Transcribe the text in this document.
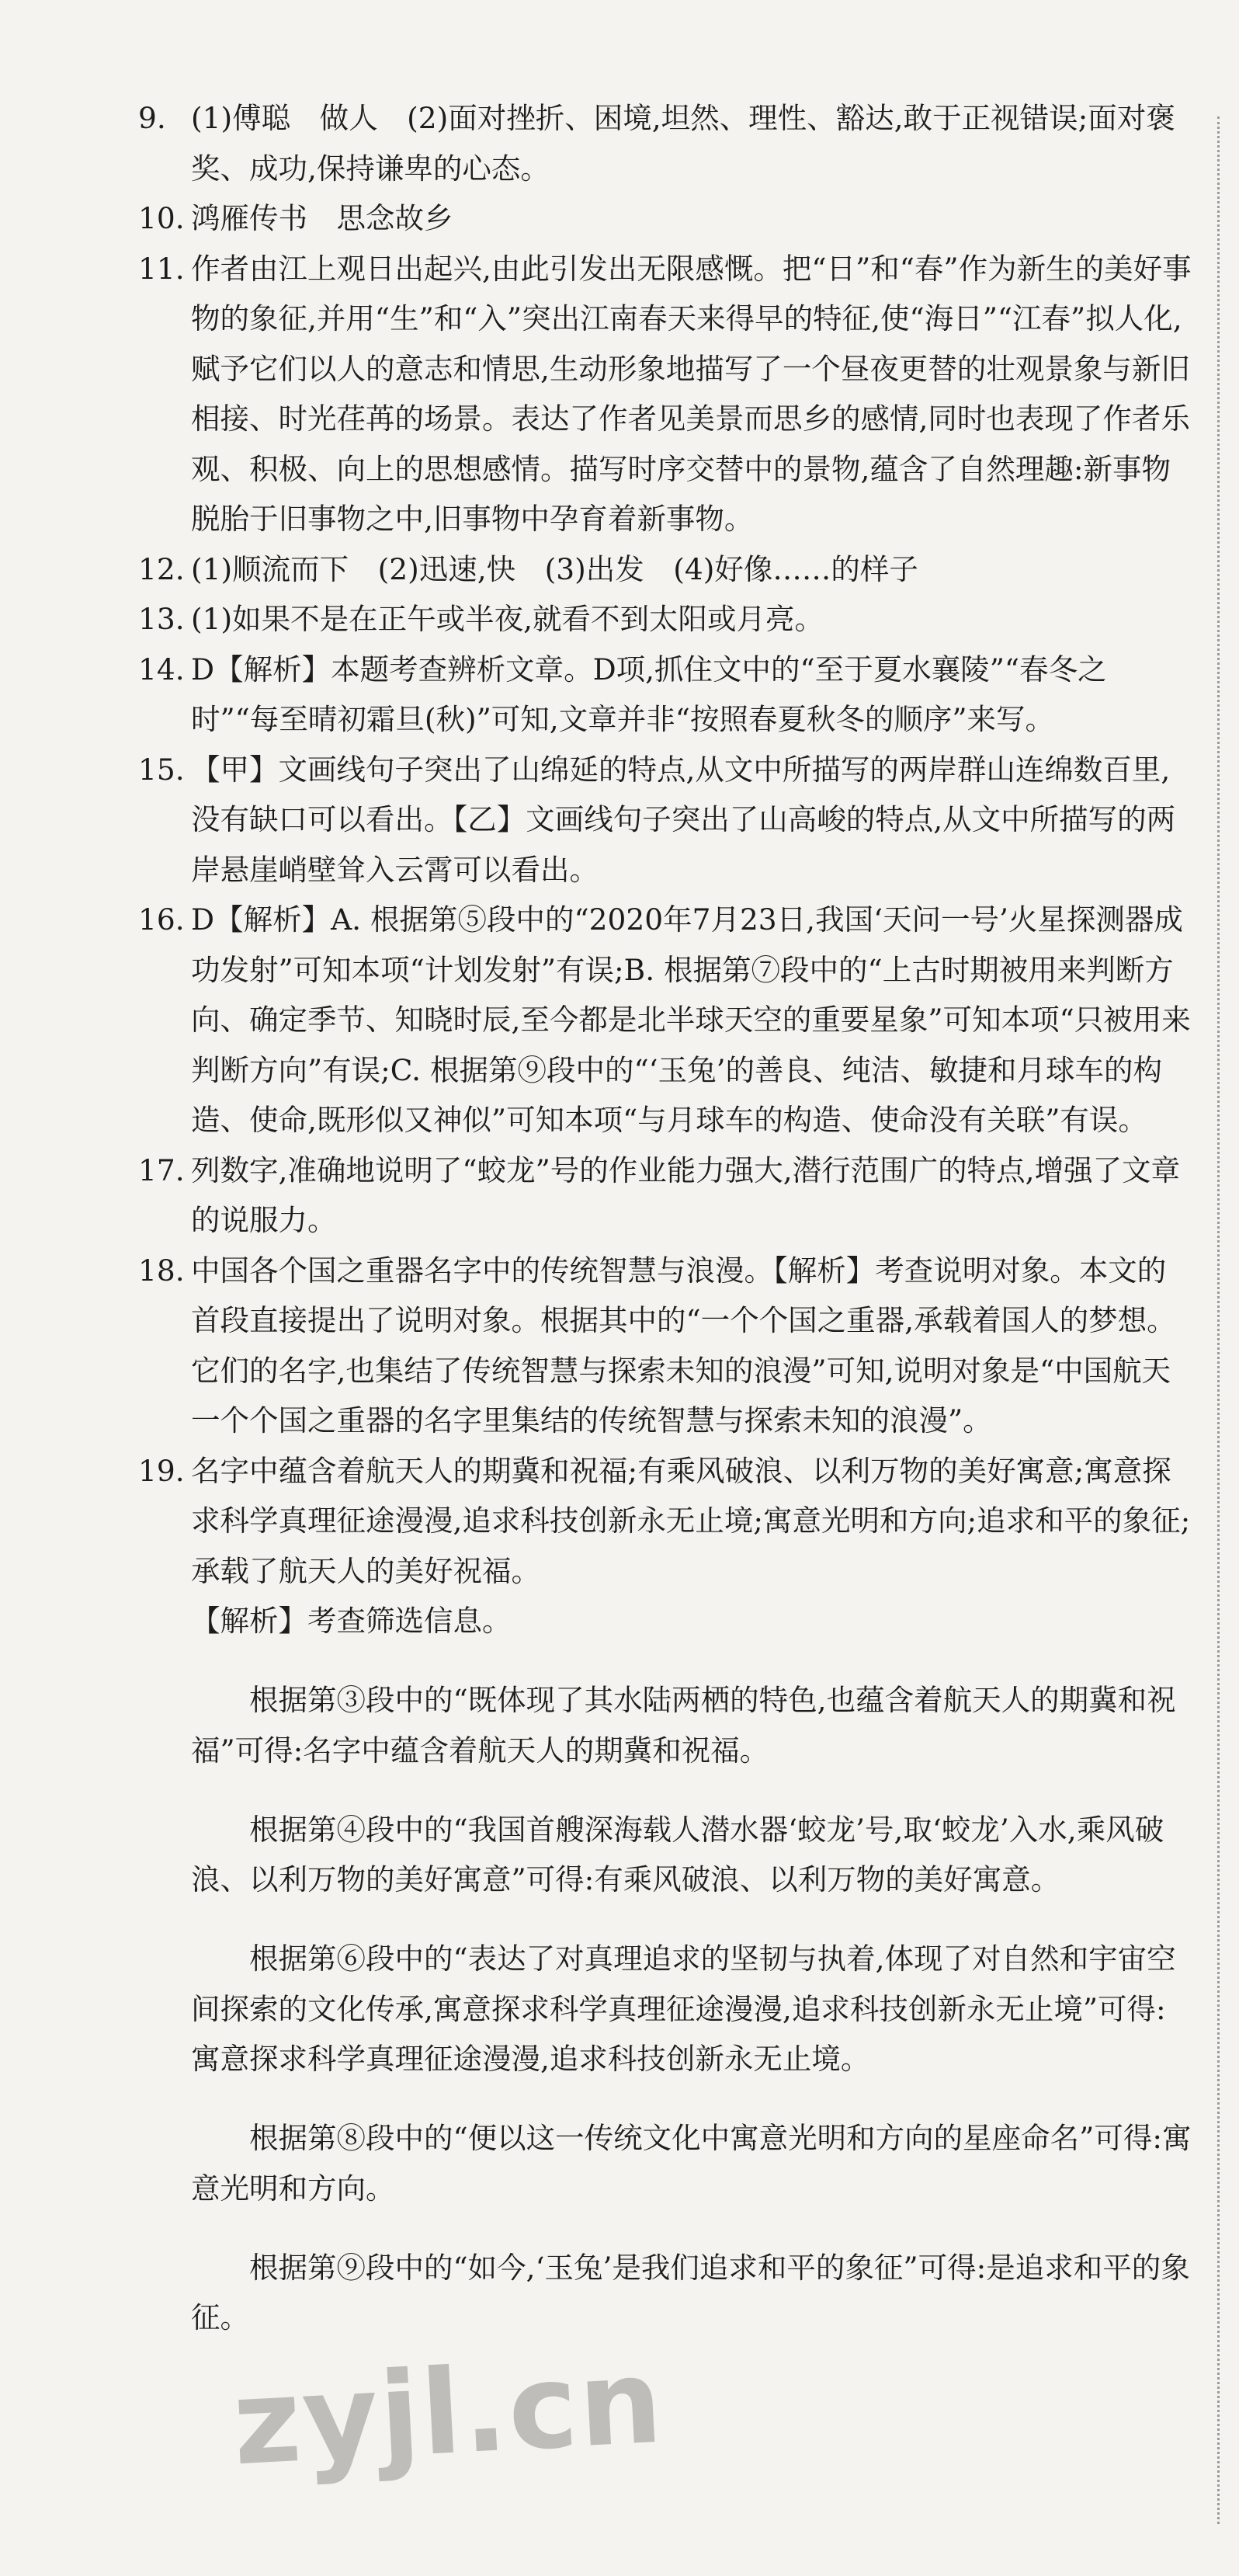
9. (1)傅聪　做人　(2)面对挫折、困境,坦然、理性、豁达,敢于正视错误;面对褒奖、成功,保持谦卑的心态。

10. 鸿雁传书　思念故乡

11. 作者由江上观日出起兴,由此引发出无限感慨。把“日”和“春”作为新生的美好事物的象征,并用“生”和“入”突出江南春天来得早的特征,使“海日”“江春”拟人化,赋予它们以人的意志和情思,生动形象地描写了一个昼夜更替的壮观景象与新旧相接、时光荏苒的场景。表达了作者见美景而思乡的感情,同时也表现了作者乐观、积极、向上的思想感情。描写时序交替中的景物,蕴含了自然理趣:新事物脱胎于旧事物之中,旧事物中孕育着新事物。

12. (1)顺流而下　(2)迅速,快　(3)出发　(4)好像……的样子

13. (1)如果不是在正午或半夜,就看不到太阳或月亮。

14. D【解析】本题考查辨析文章。D项,抓住文中的“至于夏水襄陵”“春冬之时”“每至晴初霜旦(秋)”可知,文章并非“按照春夏秋冬的顺序”来写。

15. 【甲】文画线句子突出了山绵延的特点,从文中所描写的两岸群山连绵数百里,没有缺口可以看出。【乙】文画线句子突出了山高峻的特点,从文中所描写的两岸悬崖峭壁耸入云霄可以看出。

16. D【解析】A. 根据第⑤段中的“2020年7月23日,我国‘天问一号’火星探测器成功发射”可知本项“计划发射”有误;B. 根据第⑦段中的“上古时期被用来判断方向、确定季节、知晓时辰,至今都是北半球天空的重要星象”可知本项“只被用来判断方向”有误;C. 根据第⑨段中的“‘玉兔’的善良、纯洁、敏捷和月球车的构造、使命,既形似又神似”可知本项“与月球车的构造、使命没有关联”有误。

17. 列数字,准确地说明了“蛟龙”号的作业能力强大,潜行范围广的特点,增强了文章的说服力。

18. 中国各个国之重器名字中的传统智慧与浪漫。【解析】考查说明对象。本文的首段直接提出了说明对象。根据其中的“一个个国之重器,承载着国人的梦想。它们的名字,也集结了传统智慧与探索未知的浪漫”可知,说明对象是“中国航天一个个国之重器的名字里集结的传统智慧与探索未知的浪漫”。

19. 名字中蕴含着航天人的期冀和祝福;有乘风破浪、以利万物的美好寓意;寓意探求科学真理征途漫漫,追求科技创新永无止境;寓意光明和方向;追求和平的象征;承载了航天人的美好祝福。

【解析】考查筛选信息。

根据第③段中的“既体现了其水陆两栖的特色,也蕴含着航天人的期冀和祝福”可得:名字中蕴含着航天人的期冀和祝福。

根据第④段中的“我国首艘深海载人潜水器‘蛟龙’号,取‘蛟龙’入水,乘风破浪、以利万物的美好寓意”可得:有乘风破浪、以利万物的美好寓意。

根据第⑥段中的“表达了对真理追求的坚韧与执着,体现了对自然和宇宙空间探索的文化传承,寓意探求科学真理征途漫漫,追求科技创新永无止境”可得:寓意探求科学真理征途漫漫,追求科技创新永无止境。

根据第⑧段中的“便以这一传统文化中寓意光明和方向的星座命名”可得:寓意光明和方向。

根据第⑨段中的“如今,‘玉兔’是我们追求和平的象征”可得:是追求和平的象征。

zyjl.cn
